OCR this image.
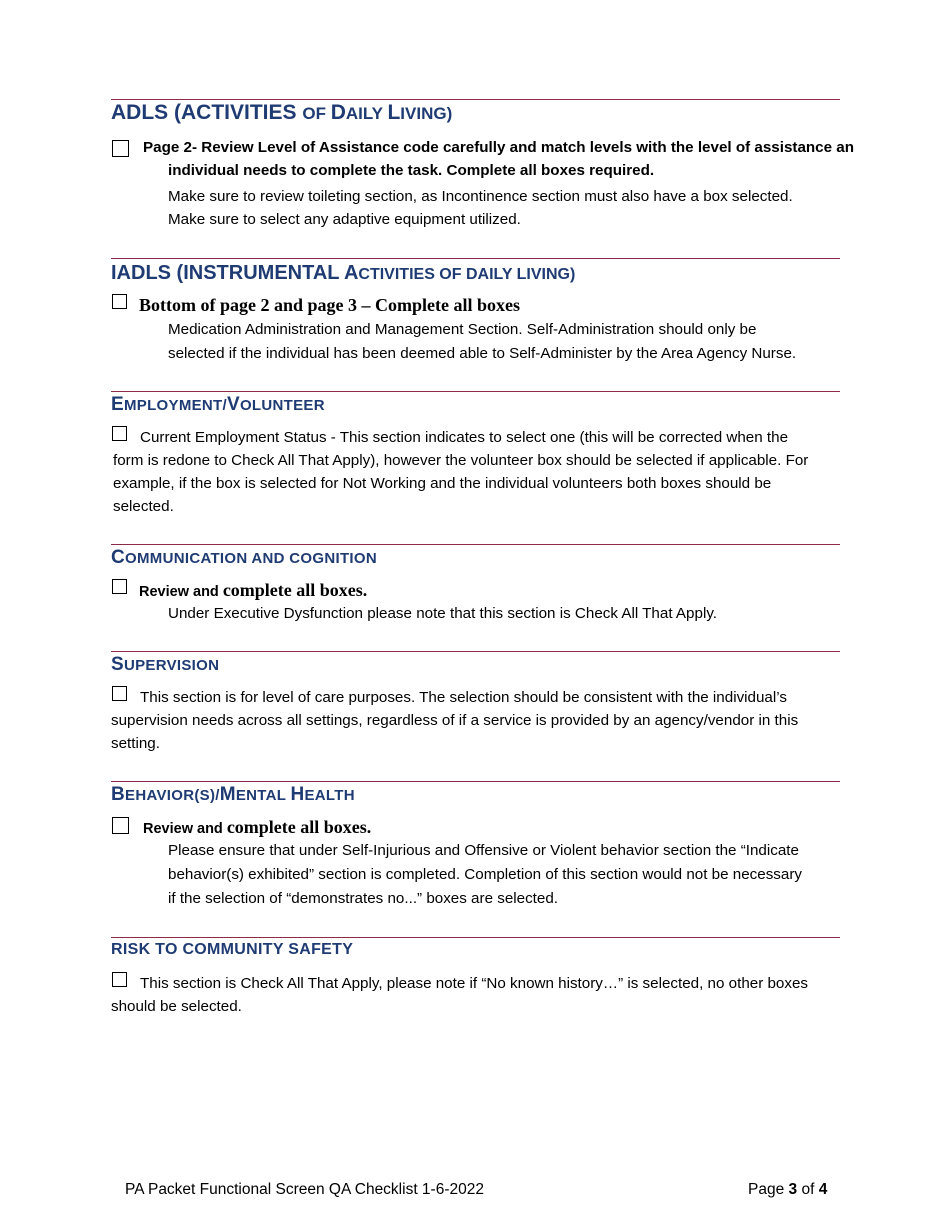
ADLS (ACTIVITIES OF DAILY LIVING)
Page 2- Review Level of Assistance code carefully and match levels with the level of assistance an
individual needs to complete the task. Complete all boxes required.
Make sure to review toileting section, as Incontinence section must also have a box selected.
Make sure to select any adaptive equipment utilized.
IADLS (INSTRUMENTAL ACTIVITIES OF DAILY LIVING)
Bottom of page 2 and page 3 – Complete all boxes
Medication Administration and Management Section. Self-Administration should only be
selected if the individual has been deemed able to Self-Administer by the Area Agency Nurse.
EMPLOYMENT/VOLUNTEER
Current Employment Status - This section indicates to select one (this will be corrected when the
form is redone to Check All That Apply), however the volunteer box should be selected if applicable. For
example, if the box is selected for Not Working and the individual volunteers both boxes should be
selected.
COMMUNICATION AND COGNITION
Review and complete all boxes.
Under Executive Dysfunction please note that this section is Check All That Apply.
SUPERVISION
This section is for level of care purposes. The selection should be consistent with the individual’s
supervision needs across all settings, regardless of if a service is provided by an agency/vendor in this
setting.
BEHAVIOR(S)/MENTAL HEALTH
Review and complete all boxes.
Please ensure that under Self-Injurious and Offensive or Violent behavior section the “Indicate
behavior(s) exhibited” section is completed. Completion of this section would not be necessary
if the selection of “demonstrates no...” boxes are selected.
RISK TO COMMUNITY SAFETY
This section is Check All That Apply, please note if “No known history…” is selected, no other boxes
should be selected.
PA Packet Functional Screen QA Checklist 1-6-2022	Page 3 of 4
